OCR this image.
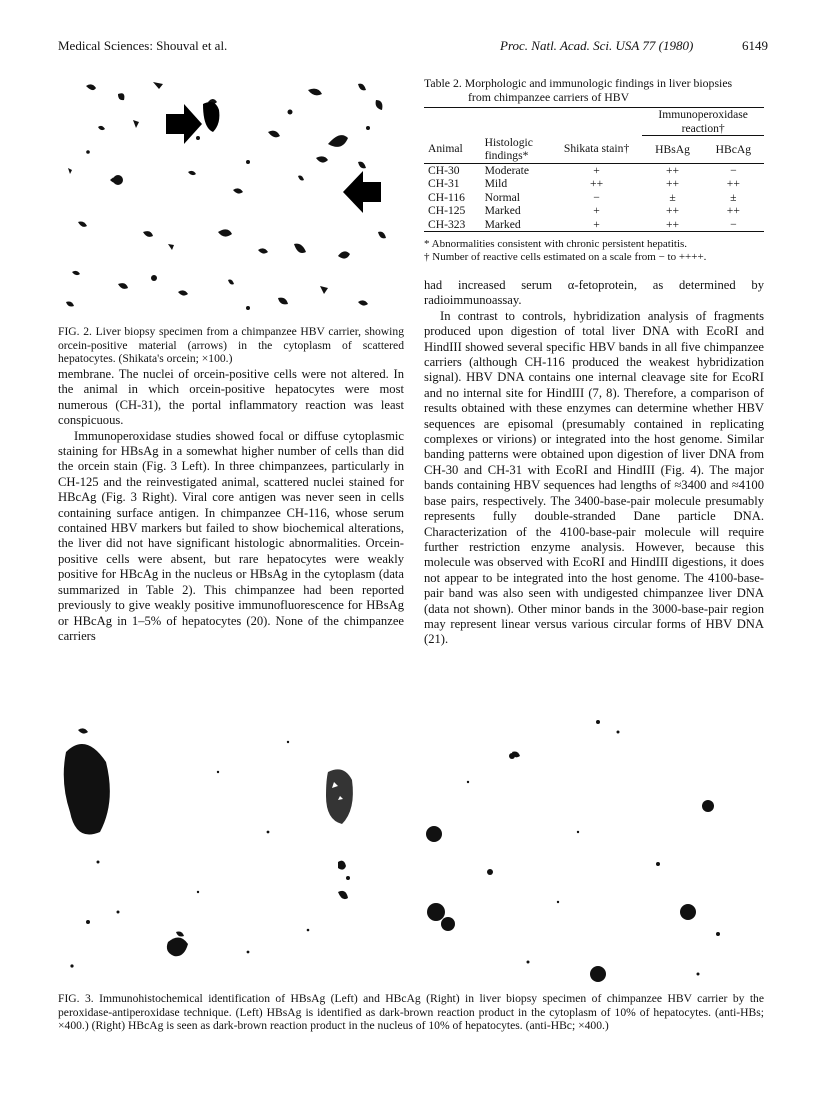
Medical Sciences: Shouval et al.	Proc. Natl. Acad. Sci. USA 77 (1980)	6149

FIG. 2. Liver biopsy specimen from a chimpanzee HBV carrier, showing orcein-positive material (arrows) in the cytoplasm of scattered hepatocytes. (Shikata's orcein; ×100.)

membrane. The nuclei of orcein-positive cells were not altered. In the animal in which orcein-positive hepatocytes were most numerous (CH-31), the portal inflammatory reaction was least conspicuous.

Immunoperoxidase studies showed focal or diffuse cytoplasmic staining for HBsAg in a somewhat higher number of cells than did the orcein stain (Fig. 3 Left). In three chimpanzees, particularly in CH-125 and the reinvestigated animal, scattered nuclei stained for HBcAg (Fig. 3 Right). Viral core antigen was never seen in cells containing surface antigen. In chimpanzee CH-116, whose serum contained HBV markers but failed to show biochemical alterations, the liver did not have significant histologic abnormalities. Orcein-positive cells were absent, but rare hepatocytes were weakly positive for HBcAg in the nucleus or HBsAg in the cytoplasm (data summarized in Table 2). This chimpanzee had been reported previously to give weakly positive immunofluorescence for HBsAg or HBcAg in 1–5% of hepatocytes (20). None of the chimpanzee carriers

Table 2. Morphologic and immunologic findings in liver biopsies
from chimpanzee carriers of HBV

			Immunoperoxidase
reaction†	

Animal	Histologic
findings*	Shikata stain†	HBsAg	HBcAg
CH-30	Moderate	+	++	−
CH-31	Mild	++	++	++
CH-116	Normal	−	±	±
CH-125	Marked	+	++	++
CH-323	Marked	+	++	−
* Abnormalities consistent with chronic persistent hepatitis.
† Number of reactive cells estimated on a scale from − to ++++.

had increased serum α-fetoprotein, as determined by radioimmunoassay.

In contrast to controls, hybridization analysis of fragments produced upon digestion of total liver DNA with EcoRI and HindIII showed several specific HBV bands in all five chimpanzee carriers (although CH-116 produced the weakest hybridization signal). HBV DNA contains one internal cleavage site for EcoRI and no internal site for HindIII (7, 8). Therefore, a comparison of results obtained with these enzymes can determine whether HBV sequences are episomal (presumably contained in replicating complexes or virions) or integrated into the host genome. Similar banding patterns were obtained upon digestion of liver DNA from CH-30 and CH-31 with EcoRI and HindIII (Fig. 4). The major bands containing HBV sequences had lengths of ≈3400 and ≈4100 base pairs, respectively. The 3400-base-pair molecule presumably represents fully double-stranded Dane particle DNA. Characterization of the 4100-base-pair molecule will require further restriction enzyme analysis. However, because this molecule was observed with EcoRI and HindIII digestions, it does not appear to be integrated into the host genome. The 4100-base-pair band was also seen with undigested chimpanzee liver DNA (data not shown). Other minor bands in the 3000-base-pair region may represent linear versus various circular forms of HBV DNA (21).

FIG. 3. Immunohistochemical identification of HBsAg (Left) and HBcAg (Right) in liver biopsy specimen of chimpanzee HBV carrier by the peroxidase-antiperoxidase technique. (Left) HBsAg is identified as dark-brown reaction product in the cytoplasm of 10% of hepatocytes. (anti-HBs; ×400.) (Right) HBcAg is seen as dark-brown reaction product in the nucleus of 10% of hepatocytes. (anti-HBc; ×400.)
